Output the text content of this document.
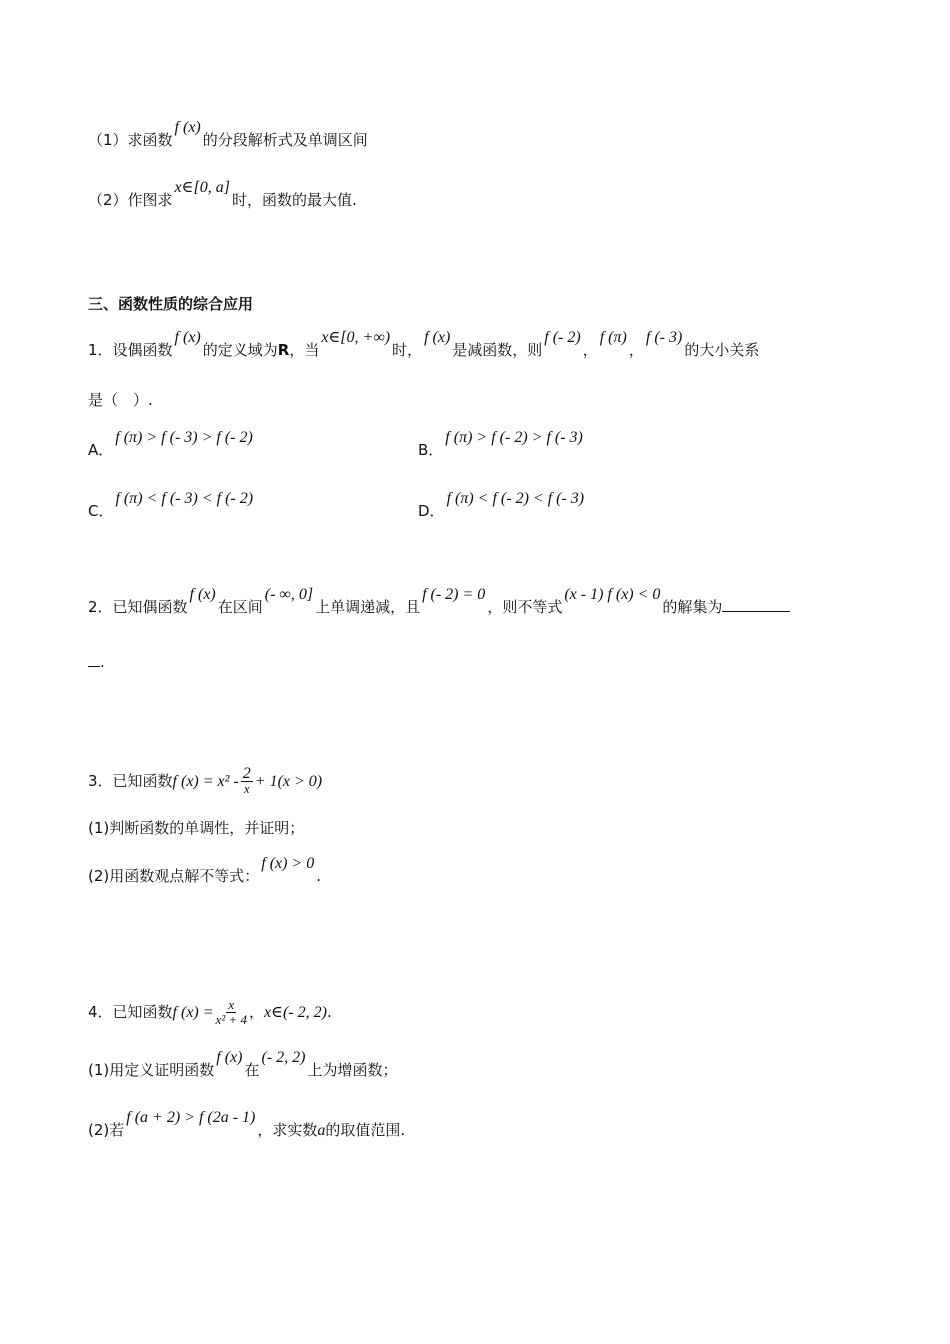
（1）求函数f (x)的分段解析式及单调区间
（2）作图求x∈[0, a]时，函数的最大值.
三、函数性质的综合应用
1．设偶函数f (x)的定义域为R，当x∈[0, +∞)时，f (x)是减函数，则f (- 2)，f (π)，f (- 3)的大小关系
是（　）.
A．f (π) > f (- 3) > f (- 2)
B．f (π) > f (- 2) > f (- 3)
C．f (π) < f (- 3) < f (- 2)
D．f (π) < f (- 2) < f (- 3)
2．已知偶函数f (x)在区间(- ∞, 0]上单调递减，且f (- 2) = 0，则不等式(x - 1) f (x) < 0的解集为
.
3．已知函数f $(x) = x^2 - \frac{2}{x} + 1(x > 0)$
(1)判断函数的单调性，并证明；
(2)用函数观点解不等式：f (x) > 0.
4．已知函数f $(x) = \frac{x}{\text{x² + 4}}$ ，x∈(- 2, 2).
(1)用定义证明函数f (x)在(- 2, 2)上为增函数；
(2)若f (a + 2) > f (2a - 1)，求实数a的取值范围.
